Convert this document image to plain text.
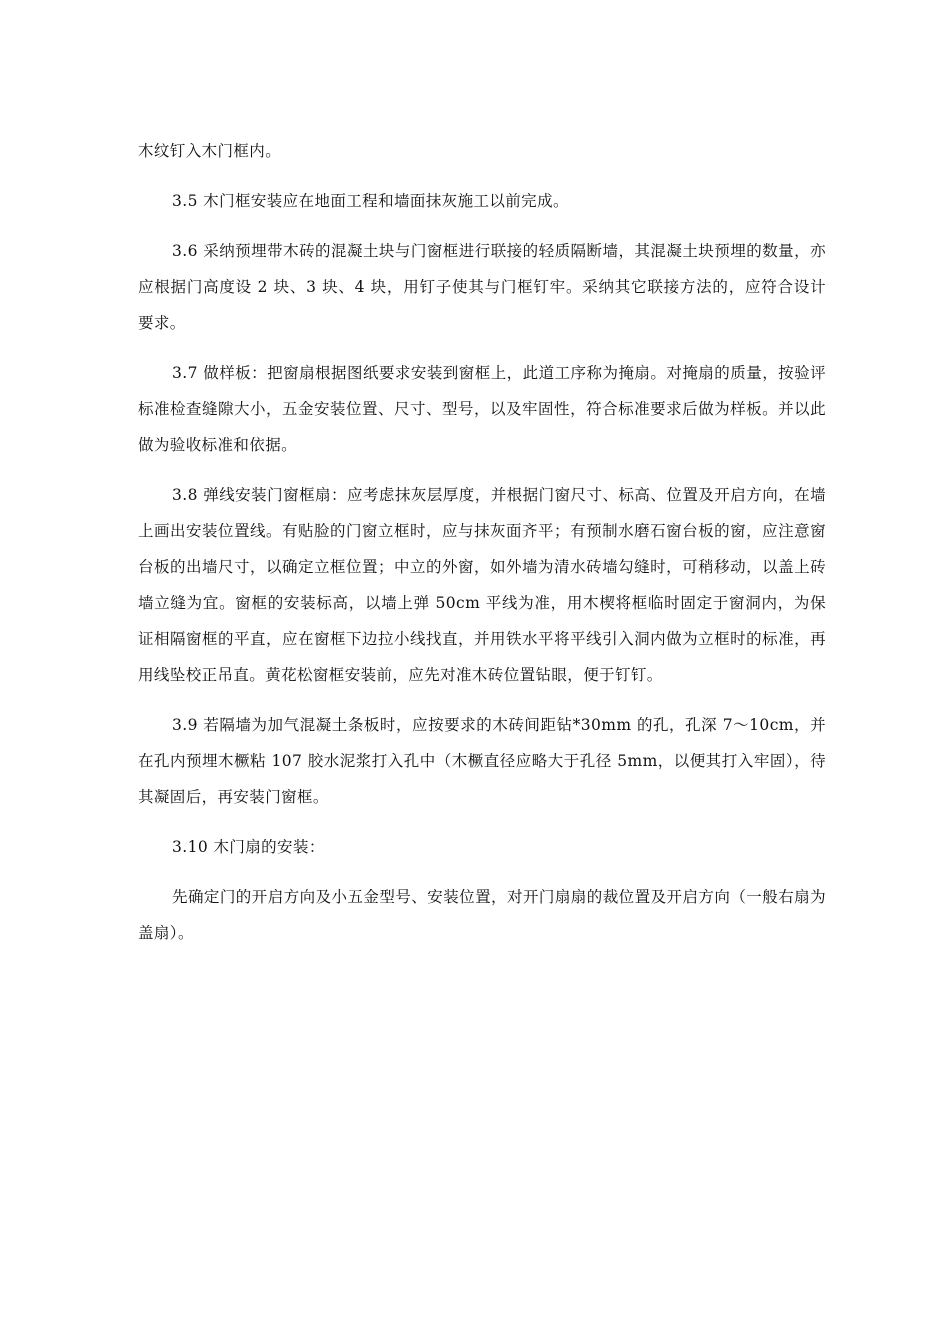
木纹钉入木门框内。

3.5 木门框安装应在地面工程和墙面抹灰施工以前完成。

3.6 采纳预埋带木砖的混凝土块与门窗框进行联接的轻质隔断墙，其混凝土块预埋的数量，亦应根据门高度设 2 块、3 块、4 块，用钉子使其与门框钉牢。采纳其它联接方法的，应符合设计要求。

3.7 做样板：把窗扇根据图纸要求安装到窗框上，此道工序称为掩扇。对掩扇的质量，按验评标准检查缝隙大小，五金安装位置、尺寸、型号，以及牢固性，符合标准要求后做为样板。并以此做为验收标准和依据。

3.8 弹线安装门窗框扇：应考虑抹灰层厚度，并根据门窗尺寸、标高、位置及开启方向，在墙上画出安装位置线。有贴脸的门窗立框时，应与抹灰面齐平；有预制水磨石窗台板的窗，应注意窗台板的出墙尺寸，以确定立框位置；中立的外窗，如外墙为清水砖墙勾缝时，可稍移动，以盖上砖墙立缝为宜。窗框的安装标高，以墙上弹 50cm 平线为准，用木楔将框临时固定于窗洞内，为保证相隔窗框的平直，应在窗框下边拉小线找直，并用铁水平将平线引入洞内做为立框时的标准，再用线坠校正吊直。黄花松窗框安装前，应先对准木砖位置钻眼，便于钉钉。

3.9 若隔墙为加气混凝土条板时，应按要求的木砖间距钻*30mm 的孔，孔深 7〜10cm，并在孔内预埋木橛粘 107 胶水泥浆打入孔中（木橛直径应略大于孔径 5mm，以便其打入牢固），待其凝固后，再安装门窗框。

3.10 木门扇的安装：

先确定门的开启方向及小五金型号、安装位置，对开门扇扇的裁位置及开启方向（一般右扇为盖扇）。
